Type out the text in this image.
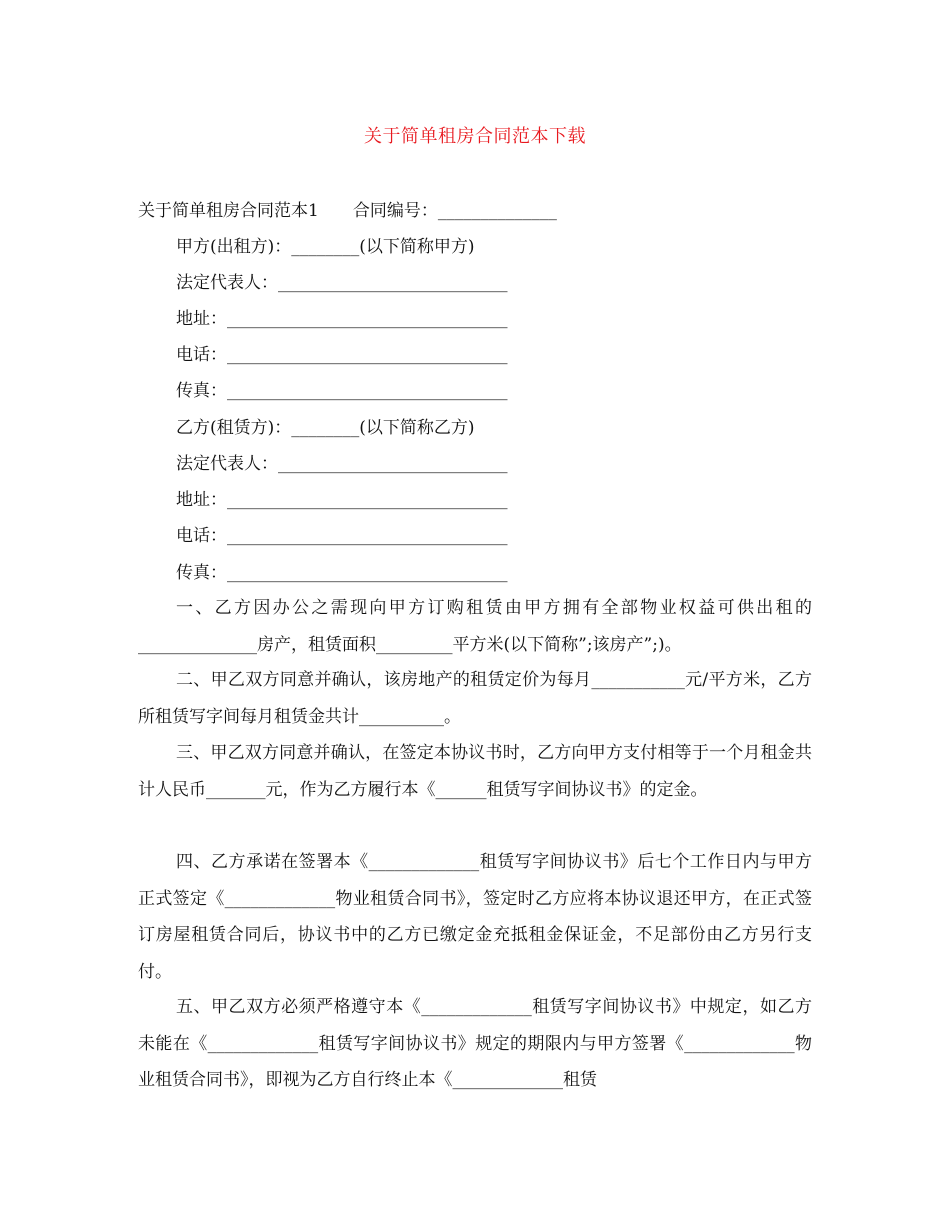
关于简单租房合同范本下载
关于简单租房合同范本1 合同编号：______________
甲方(出租方)：________(以下简称甲方)
法定代表人：___________________________
地址：_________________________________
电话：_________________________________
传真：_________________________________
乙方(租赁方)：________(以下简称乙方)
法定代表人：___________________________
地址：_________________________________
电话：_________________________________
传真：_________________________________
一、乙方因办公之需现向甲方订购租赁由甲方拥有全部物业权益可供出租的______________房产，租赁面积_________平方米(以下简称”;该房产”;)。
二、甲乙双方同意并确认，该房地产的租赁定价为每月___________元/平方米，乙方所租赁写字间每月租赁金共计__________。
三、甲乙双方同意并确认，在签定本协议书时，乙方向甲方支付相等于一个月租金共计人民币_______元，作为乙方履行本《______租赁写字间协议书》的定金。
四、乙方承诺在签署本《_____________租赁写字间协议书》后七个工作日内与甲方正式签定《_____________物业租赁合同书》，签定时乙方应将本协议退还甲方，在正式签订房屋租赁合同后，协议书中的乙方已缴定金充抵租金保证金，不足部份由乙方另行支付。
五、甲乙双方必须严格遵守本《_____________租赁写字间协议书》中规定，如乙方未能在《_____________租赁写字间协议书》规定的期限内与甲方签署《_____________物业租赁合同书》，即视为乙方自行终止本《_____________租赁
